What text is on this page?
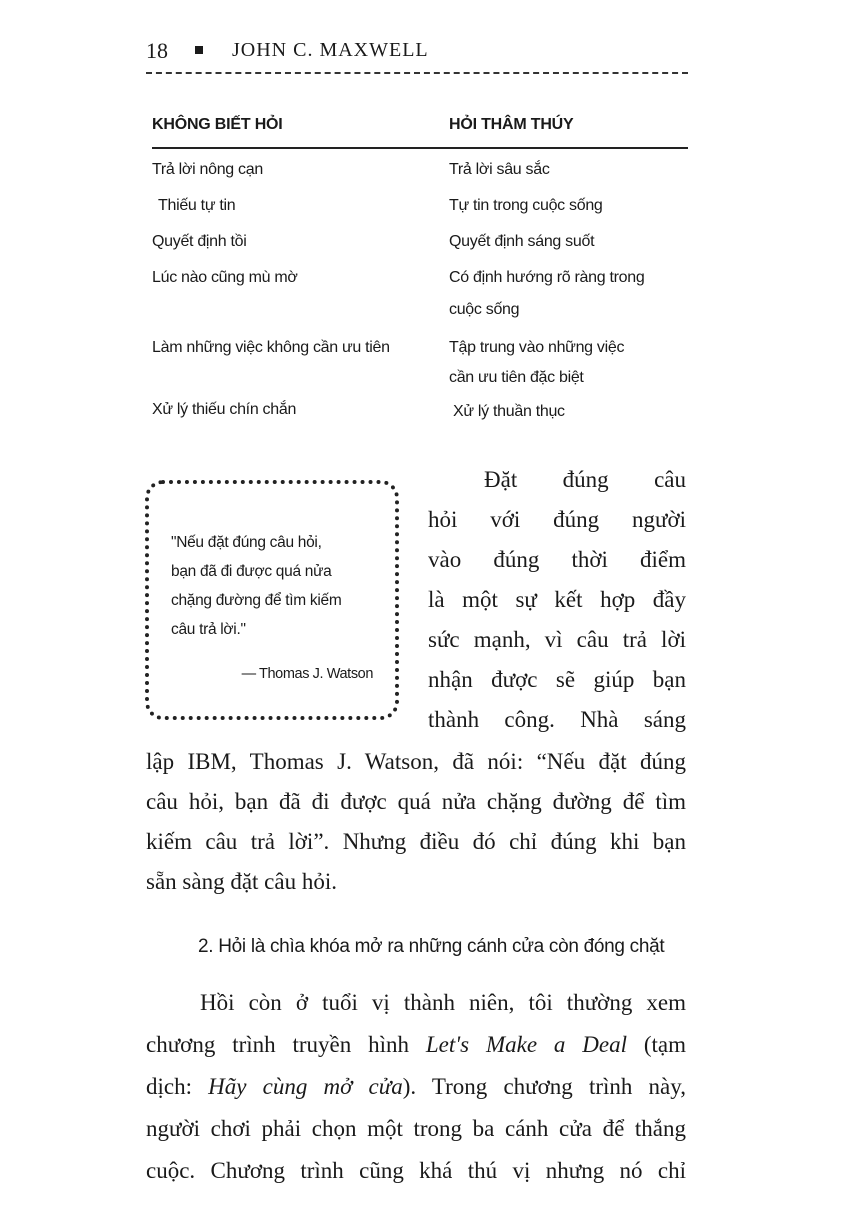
18	JOHN C. MAXWELL
KHÔNG BIẾT HỎI	HỎI THÂM THÚY
Trả lời nông cạn	Trả lời sâu sắc
Thiếu tự tin	Tự tin trong cuộc sống
Quyết định tồi	Quyết định sáng suốt
Lúc nào cũng mù mờ	Có định hướng rõ ràng trong
cuộc sống
Làm những việc không cần ưu tiên	Tập trung vào những việc
cần ưu tiên đặc biệt
Xử lý thiếu chín chắn	Xử lý thuần thục
"Nếu đặt đúng câu hỏi,
bạn đã đi được quá nửa
chặng đường để tìm kiếm
câu trả lời."
— Thomas J. Watson
Đặt đúng câu
hỏi với đúng người
vào đúng thời điểm
là một sự kết hợp đầy
sức mạnh, vì câu trả lời
nhận được sẽ giúp bạn
thành công. Nhà sáng
lập IBM, Thomas J. Watson, đã nói: “Nếu đặt đúng
câu hỏi, bạn đã đi được quá nửa chặng đường để tìm
kiếm câu trả lời”. Nhưng điều đó chỉ đúng khi bạn
sẵn sàng đặt câu hỏi.
2. Hỏi là chìa khóa mở ra những cánh cửa còn đóng chặt
Hồi còn ở tuổi vị thành niên, tôi thường xem
chương trình truyền hình Let's Make a Deal (tạm
dịch: Hãy cùng mở cửa). Trong chương trình này,
người chơi phải chọn một trong ba cánh cửa để thắng
cuộc. Chương trình cũng khá thú vị nhưng nó chỉ
